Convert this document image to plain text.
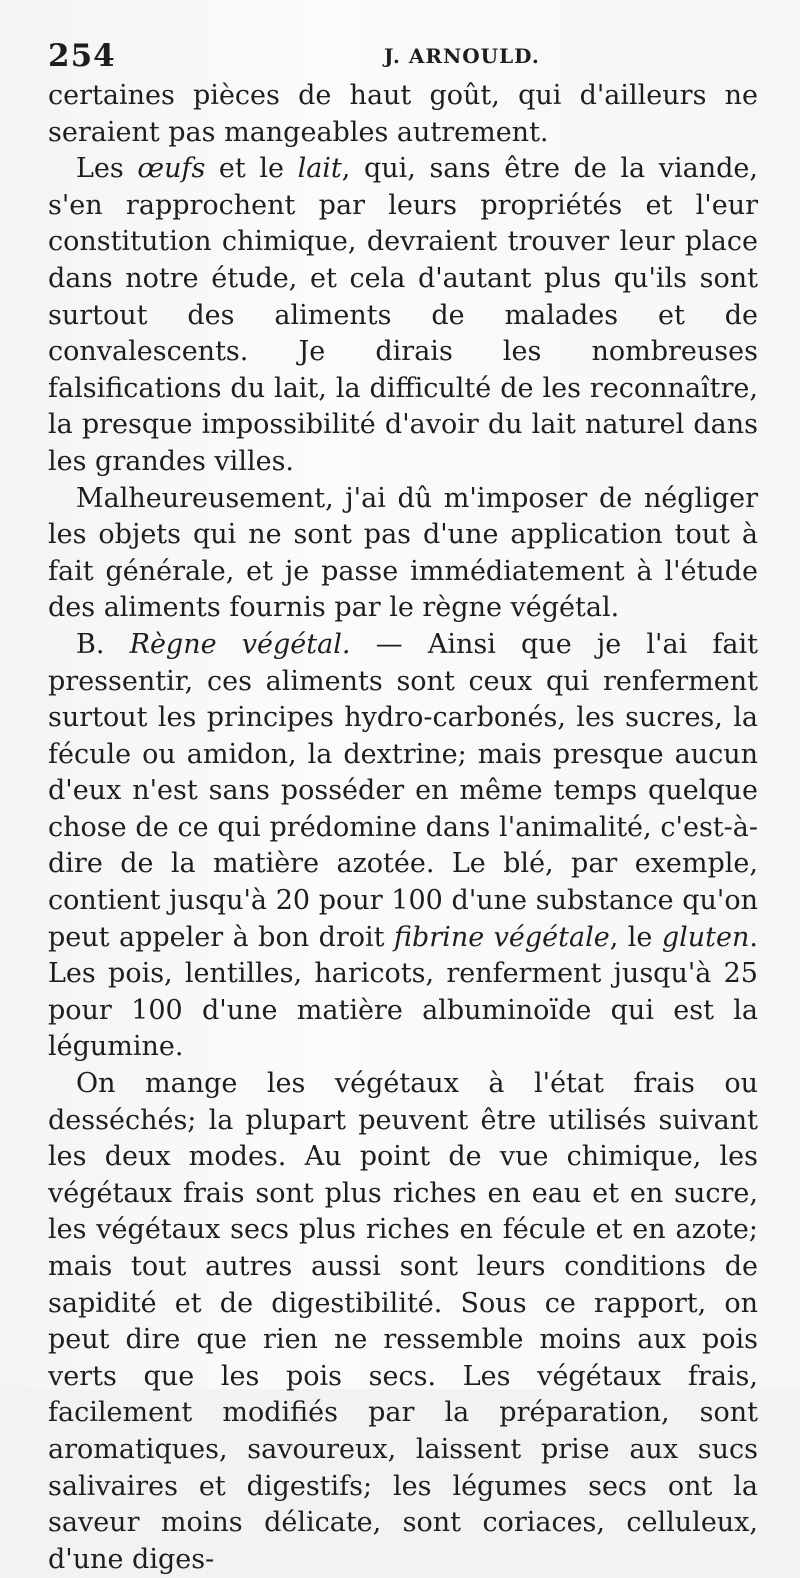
254	J. ARNOULD.

certaines pièces de haut goût, qui d'ailleurs ne seraient pas mangeables autrement.

Les œufs et le lait, qui, sans être de la viande, s'en rapprochent par leurs propriétés et l'eur constitution chimique, devraient trouver leur place dans notre étude, et cela d'autant plus qu'ils sont surtout des aliments de malades et de convalescents. Je dirais les nombreuses falsifications du lait, la difficulté de les reconnaître, la presque impossibilité d'avoir du lait naturel dans les grandes villes.

Malheureusement, j'ai dû m'imposer de négliger les objets qui ne sont pas d'une application tout à fait générale, et je passe immédiatement à l'étude des aliments fournis par le règne végétal.

B. Règne végétal. — Ainsi que je l'ai fait pressentir, ces aliments sont ceux qui renferment surtout les principes hydro-carbonés, les sucres, la fécule ou amidon, la dextrine; mais presque aucun d'eux n'est sans posséder en même temps quelque chose de ce qui prédomine dans l'animalité, c'est-à-dire de la matière azotée. Le blé, par exemple, contient jusqu'à 20 pour 100 d'une substance qu'on peut appeler à bon droit fibrine végétale, le gluten. Les pois, lentilles, haricots, renferment jusqu'à 25 pour 100 d'une matière albuminoïde qui est la légumine.

On mange les végétaux à l'état frais ou desséchés; la plupart peuvent être utilisés suivant les deux modes. Au point de vue chimique, les végétaux frais sont plus riches en eau et en sucre, les végétaux secs plus riches en fécule et en azote; mais tout autres aussi sont leurs conditions de sapidité et de digestibilité. Sous ce rapport, on peut dire que rien ne ressemble moins aux pois verts que les pois secs. Les végétaux frais, facilement modifiés par la préparation, sont aromatiques, savoureux, laissent prise aux sucs salivaires et digestifs; les légumes secs ont la saveur moins délicate, sont coriaces, celluleux, d'une diges-
